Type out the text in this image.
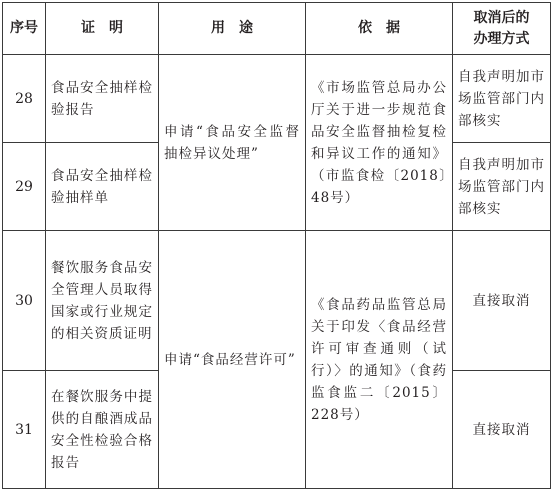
序号	证　明	用　途	依　据	取消后的
办理方式

28	食品安全抽样检验报告	申请“食品安全监督抽检异议处理”	《市场监管总局办公厅关于进一步规范食品安全监督抽检复检和异议工作的通知》（市监食检〔2018〕48号）	自我声明加市场监管部门内部核实
29	食品安全抽样检验抽样单			自我声明加市场监管部门内部核实
30	餐饮服务食品安全管理人员取得国家或行业规定的相关资质证明	申请“食品经营许可”	《食品药品监管总局关于印发〈食品经营许可审查通则（试行）〉的通知》（食药监食监二〔2015〕228号）	直接取消
31	在餐饮服务中提供的自酿酒成品安全性检验合格报告			直接取消
